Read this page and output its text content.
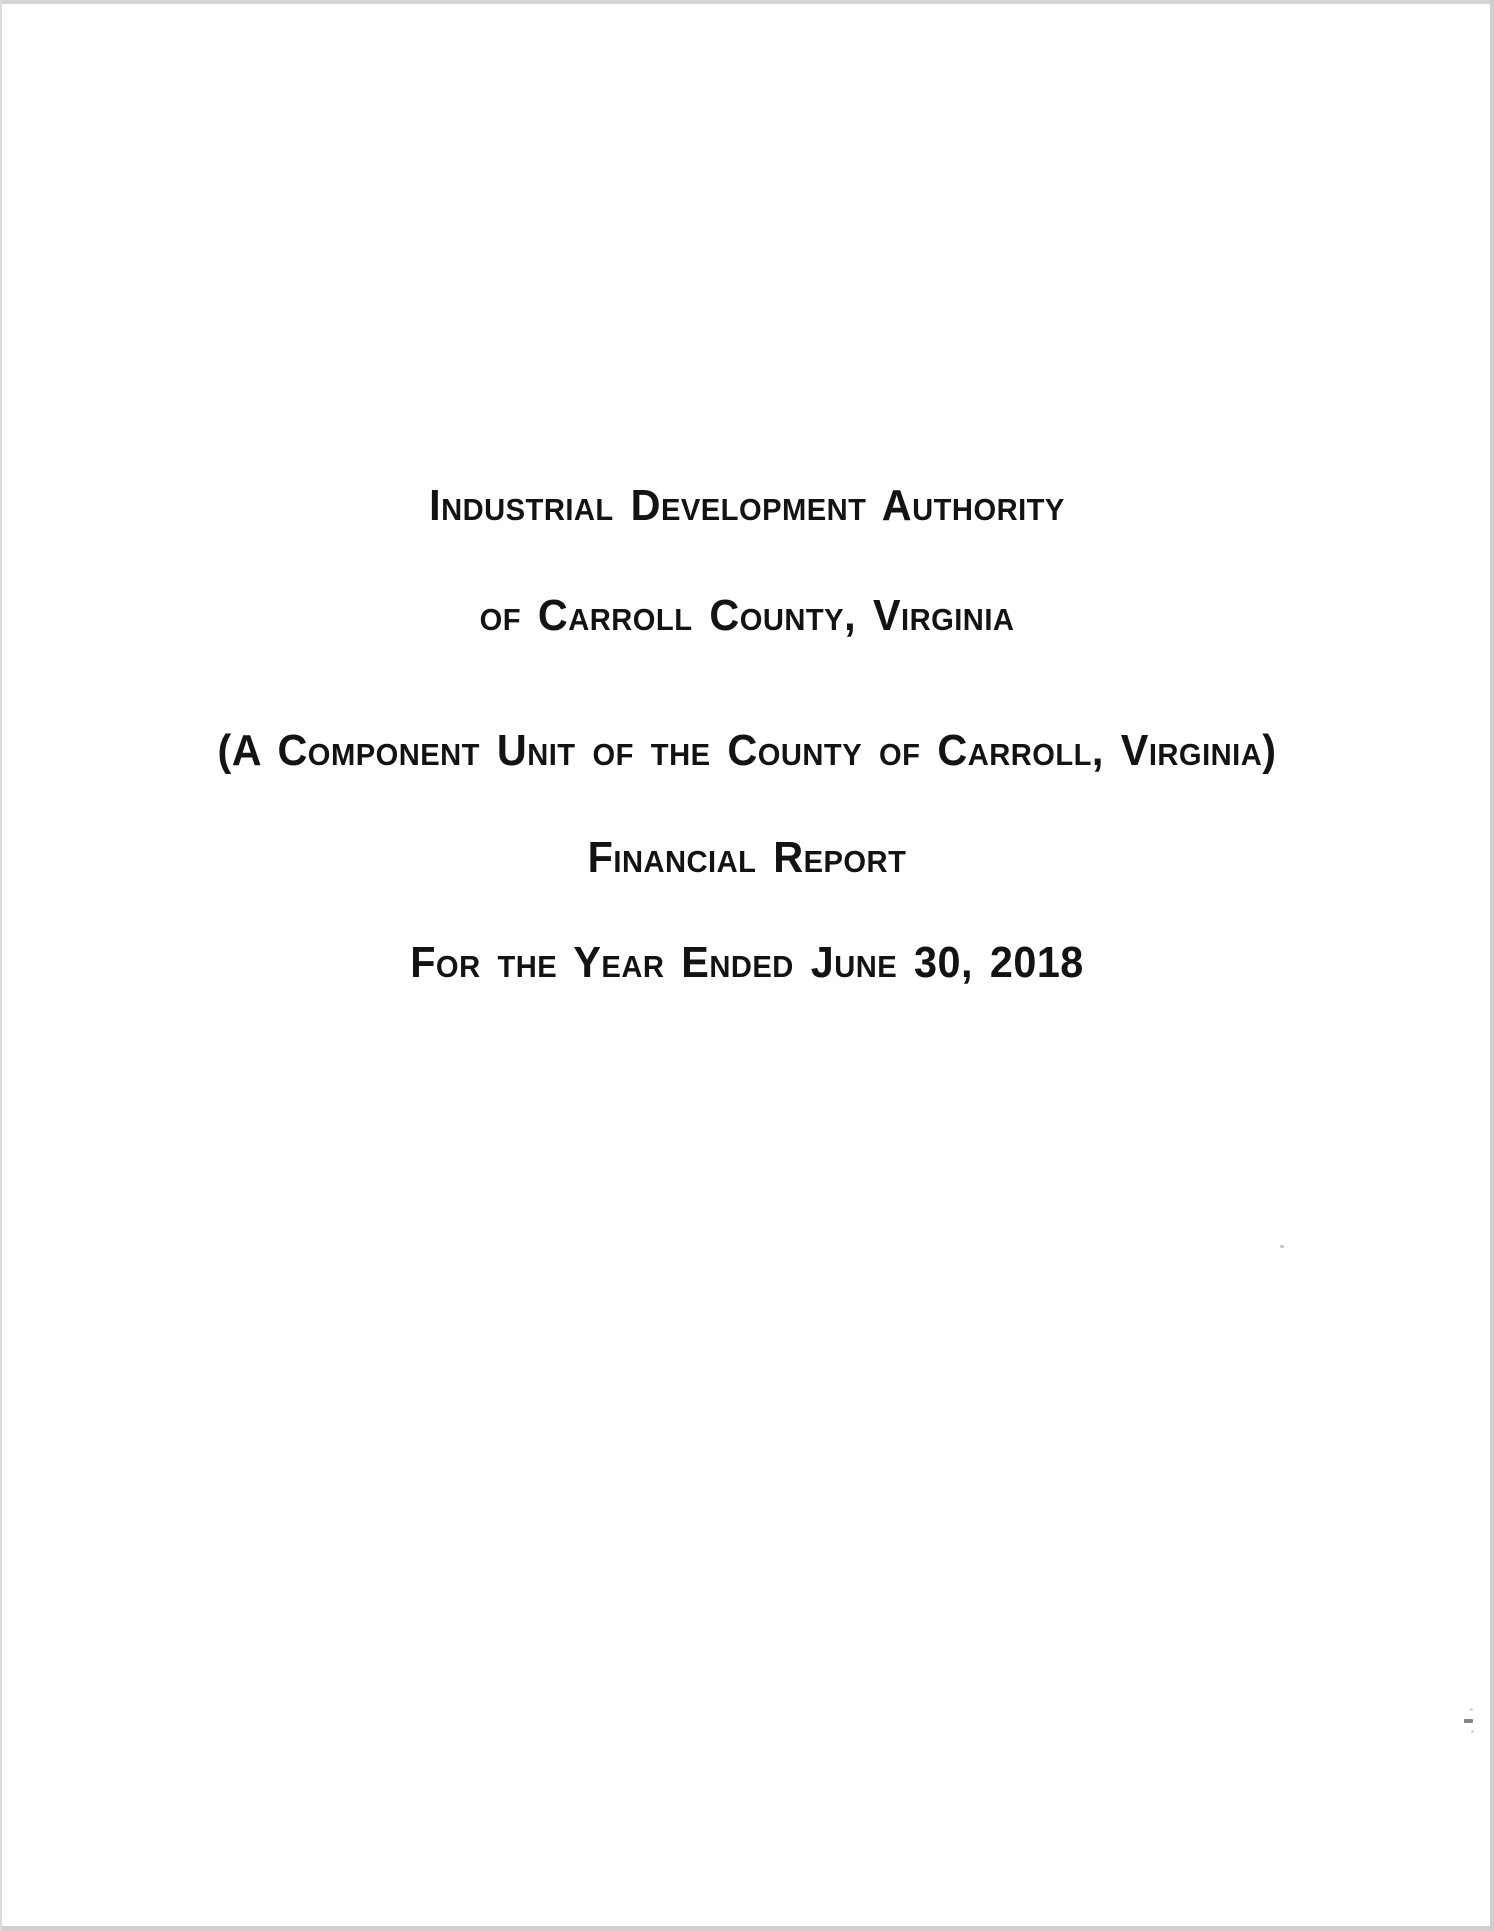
Industrial Development Authority
of Carroll County, Virginia
(A Component Unit of the County of Carroll, Virginia)
Financial Report
For the Year Ended June 30, 2018
